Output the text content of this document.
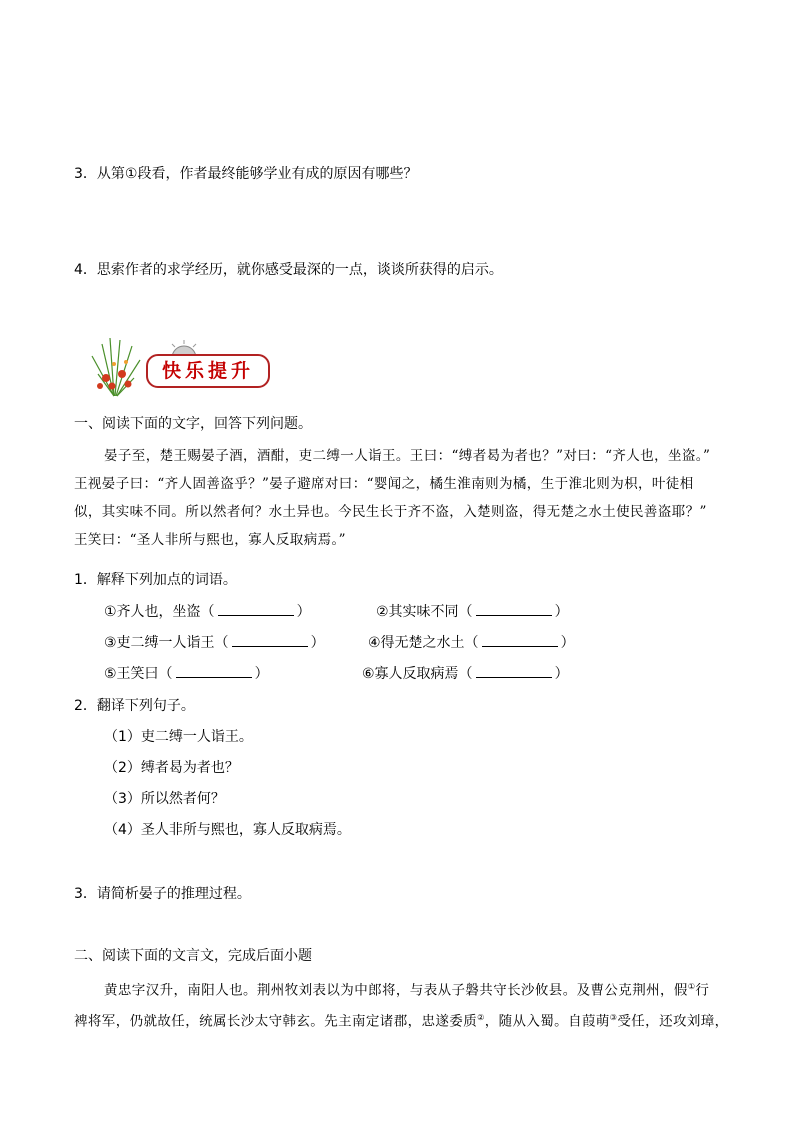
3．从第①段看，作者最终能够学业有成的原因有哪些？
4．思索作者的求学经历，就你感受最深的一点，谈谈所获得的启示。
快乐提升
一、阅读下面的文字，回答下列问题。
晏子至，楚王赐晏子酒，酒酣，吏二缚一人诣王。王曰：“缚者曷为者也？”对曰：“齐人也，坐盗。”
王视晏子曰：“齐人固善盗乎？”晏子避席对曰：“婴闻之，橘生淮南则为橘，生于淮北则为枳，叶徒相
似，其实味不同。所以然者何？水土异也。今民生长于齐不盗，入楚则盗，得无楚之水土使民善盗耶？”
王笑曰：“圣人非所与熙也，寡人反取病焉。”
1．解释下列加点的词语。
①齐人也，坐盗（	）	②其实味不同（	）
③吏二缚一人诣王（	）	④得无楚之水土（	）
⑤王笑曰（	）	⑥寡人反取病焉（	）
2．翻译下列句子。
（1）吏二缚一人诣王。
（2）缚者曷为者也？
（3）所以然者何？
（4）圣人非所与熙也，寡人反取病焉。
3．请简析晏子的推理过程。
二、阅读下面的文言文，完成后面小题
黄忠字汉升，南阳人也。荆州牧刘表以为中郎将，与表从子磐共守长沙攸县。及曹公克荆州，假①行
裨将军，仍就故任，统属长沙太守韩玄。先主南定诸郡，忠遂委质②，随从入蜀。自葭萌③受任，还攻刘璋，
